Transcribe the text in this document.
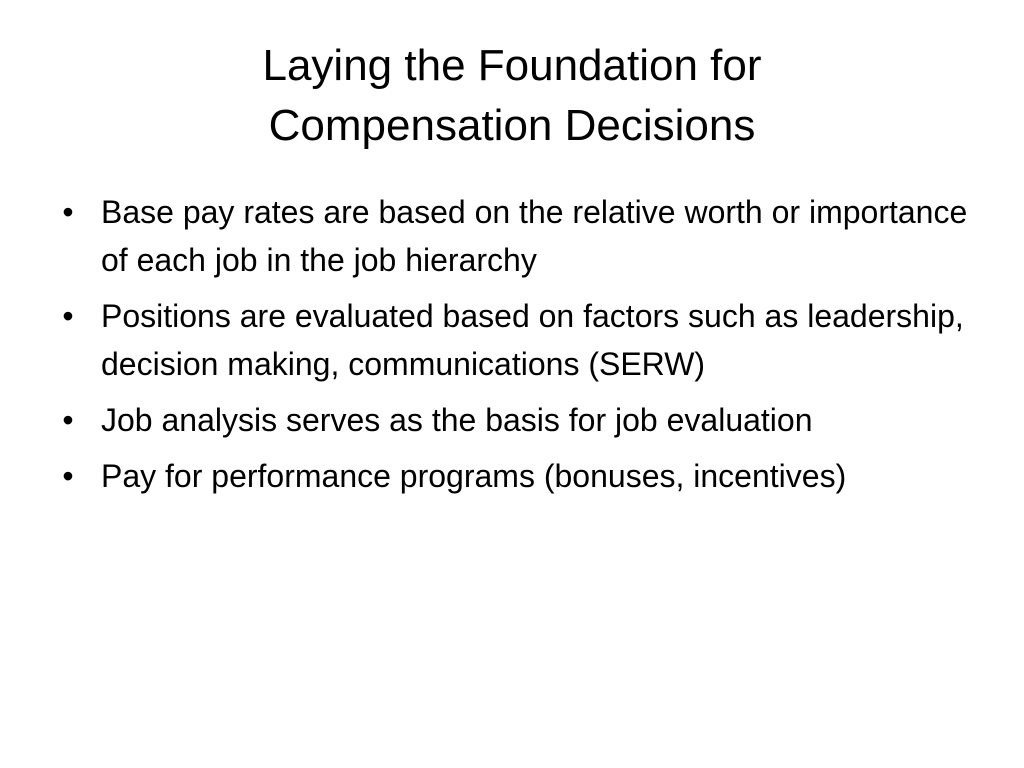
Laying the Foundation for
Compensation Decisions
• Base pay rates are based on the relative worth or importance of each job in the job hierarchy
• Positions are evaluated based on factors such as leadership, decision making, communications (SERW)
• Job analysis serves as the basis for job evaluation
• Pay for performance programs (bonuses, incentives)
